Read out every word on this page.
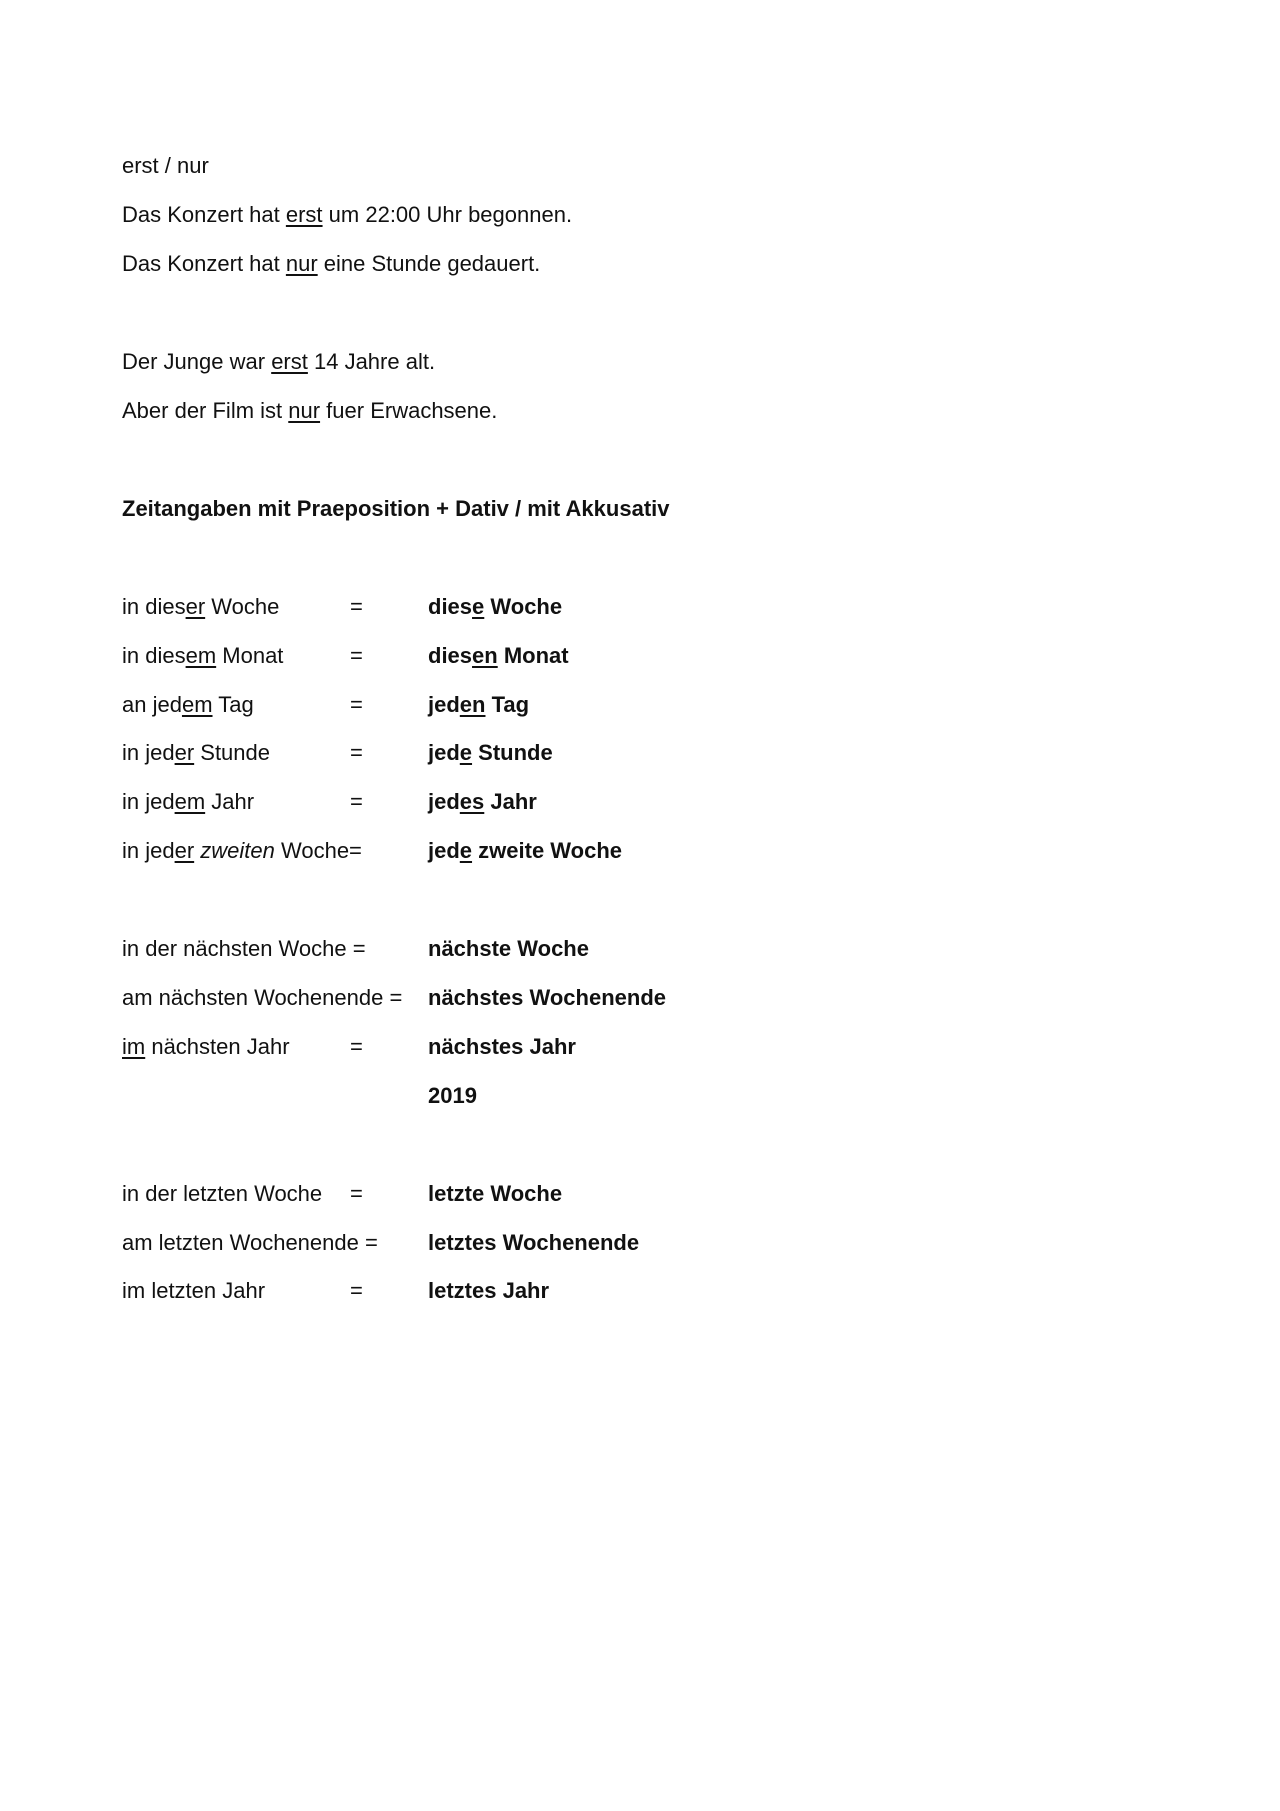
erst / nur
Das Konzert hat erst um 22:00 Uhr begonnen.
Das Konzert hat nur eine Stunde gedauert.
Der Junge war erst 14 Jahre alt.
Aber der Film ist nur fuer Erwachsene.
Zeitangaben mit Praeposition + Dativ / mit Akkusativ
in dieser Woche	=	diese Woche
in diesem Monat	=	diesen Monat
an jedem Tag	=	jeden Tag
in jeder Stunde	=	jede Stunde
in jedem Jahr	=	jedes Jahr
in jeder zweiten Woche=	jede zweite Woche
in der nächsten Woche =	nächste Woche
am nächsten Wochenende = nächstes Wochenende
im nächsten Jahr	=	nächstes Jahr
2019
in der letzten Woche =	letzte Woche
am letzten Wochenende = letztes Wochenende
im letzten Jahr	=	letztes Jahr
